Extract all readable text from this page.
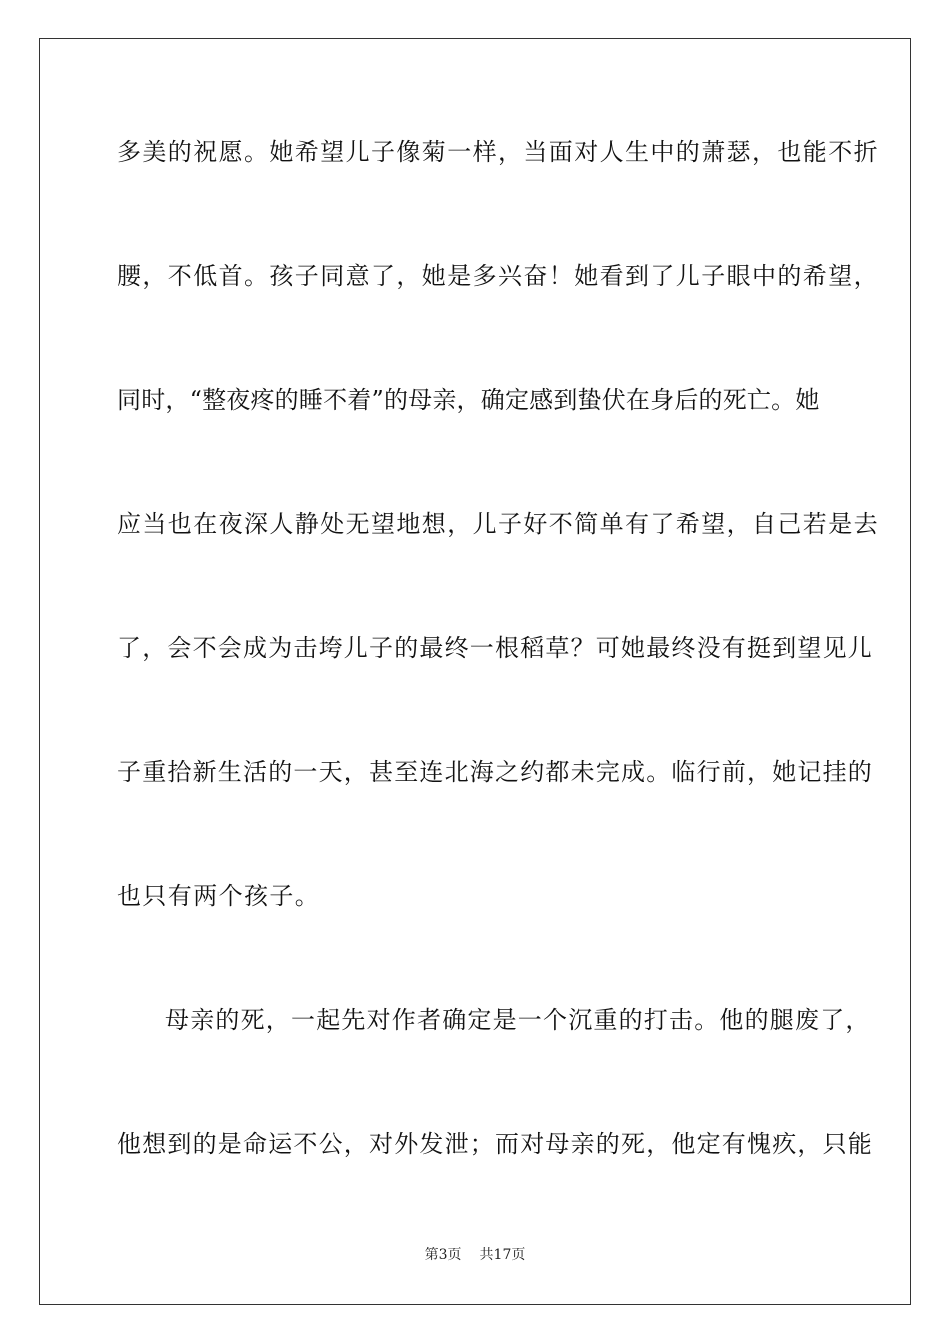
多美的祝愿。她希望儿子像菊一样，当面对人生中的萧瑟，也能不折
腰，不低首。孩子同意了，她是多兴奋！她看到了儿子眼中的希望，
同时，“整夜疼的睡不着”的母亲，确定感到蛰伏在身后的死亡。她
应当也在夜深人静处无望地想，儿子好不简单有了希望，自己若是去
了，会不会成为击垮儿子的最终一根稻草？可她最终没有挺到望见儿
子重拾新生活的一天，甚至连北海之约都未完成。临行前，她记挂的
也只有两个孩子。
母亲的死，一起先对作者确定是一个沉重的打击。他的腿废了，
他想到的是命运不公，对外发泄；而对母亲的死，他定有愧疚，只能
第3页 共17页
